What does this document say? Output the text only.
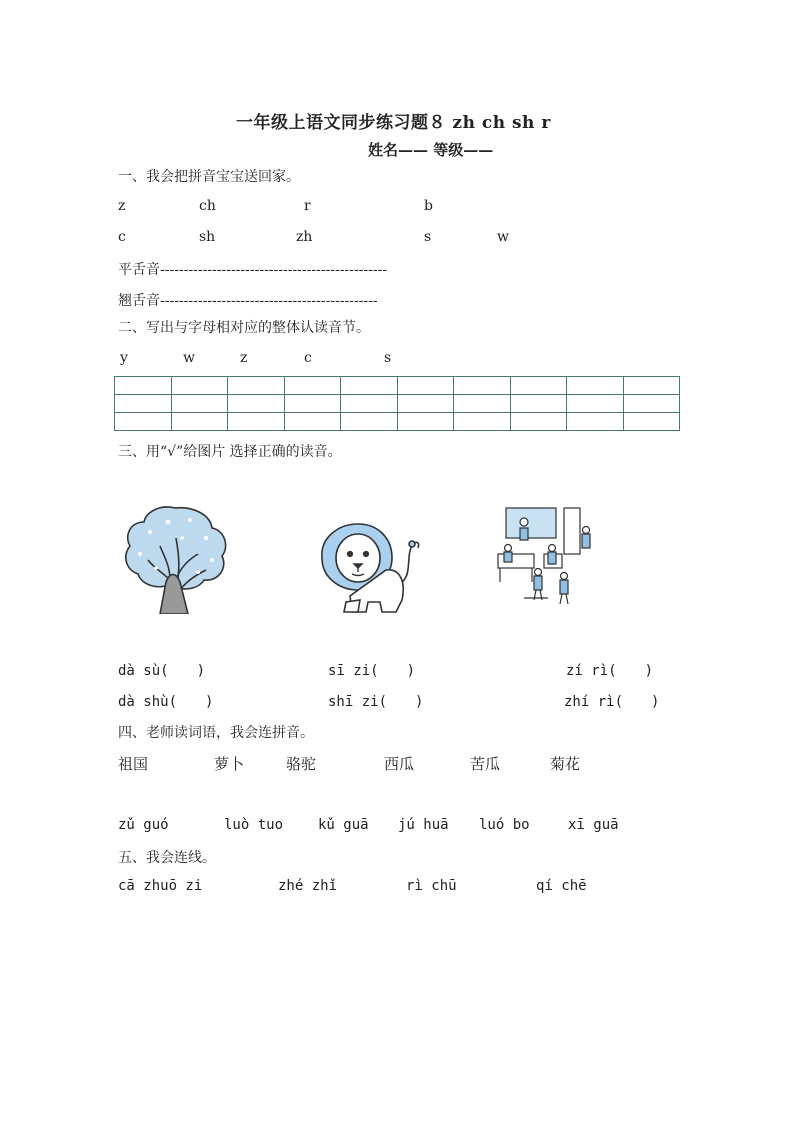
一年级上语文同步练习题８ zh ch sh r
姓名—— 等级——
一、我会把拼音宝宝送回家。
z	ch	r	b
c	sh	zh	s	w
平舌音------------------------------------------------
翘舌音----------------------------------------------
二、写出与字母相对应的整体认读音节。
y	w	z	c	s

三、用“√”给图片 选择正确的读音。
dà sù(　　)	sī zi(　　)	zí rì(　　)
dà shù(　　)	shī zi(　　)	zhí rì(　　)
四、老师读词语，我会连拼音。
祖国	萝卜	骆驼	西瓜	苦瓜	菊花
zǔ guó	luò tuo kǔ guā jú huā luó bo	xī guā
五、我会连线。
cā zhuō zi	zhé zhǐ	rì chū	qí chē
